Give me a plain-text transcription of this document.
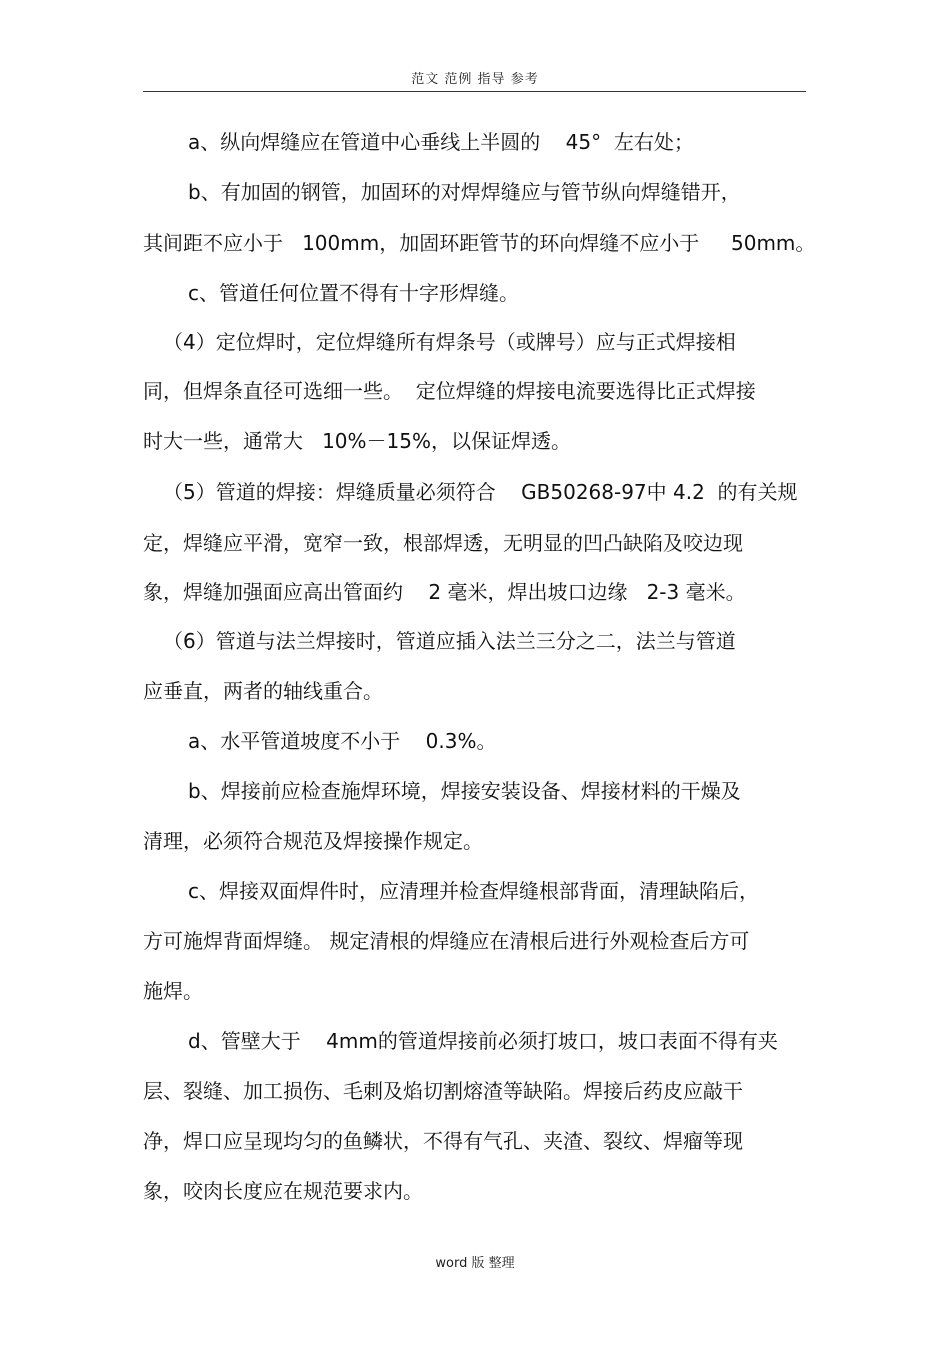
范文 范例 指导 参考
a、纵向焊缝应在管道中心垂线上半圆的    45°  左右处；
b、有加固的钢管，加固环的对焊焊缝应与管节纵向焊缝错开，
其间距不应小于   100mm，加固环距管节的环向焊缝不应小于     50mm。
c、管道任何位置不得有十字形焊缝。
（4）定位焊时，定位焊缝所有焊条号（或牌号）应与正式焊接相
同，但焊条直径可选细一些。  定位焊缝的焊接电流要选得比正式焊接
时大一些，通常大   10%－15%，以保证焊透。
（5）管道的焊接：焊缝质量必须符合    GB50268-97中 4.2  的有关规
定，焊缝应平滑，宽窄一致，根部焊透，无明显的凹凸缺陷及咬边现
象，焊缝加强面应高出管面约    2 毫米，焊出坡口边缘   2-3 毫米。
（6）管道与法兰焊接时，管道应插入法兰三分之二，法兰与管道
应垂直，两者的轴线重合。
a、水平管道坡度不小于    0.3%。
b、焊接前应检查施焊环境，焊接安装设备、焊接材料的干燥及
清理，必须符合规范及焊接操作规定。
c、焊接双面焊件时，应清理并检查焊缝根部背面，清理缺陷后，
方可施焊背面焊缝。 规定清根的焊缝应在清根后进行外观检查后方可
施焊。
d、管壁大于    4mm的管道焊接前必须打坡口，坡口表面不得有夹
层、裂缝、加工损伤、毛刺及焰切割熔渣等缺陷。焊接后药皮应敲干
净，焊口应呈现均匀的鱼鳞状，不得有气孔、夹渣、裂纹、焊瘤等现
象，咬肉长度应在规范要求内。
word 版 整理
